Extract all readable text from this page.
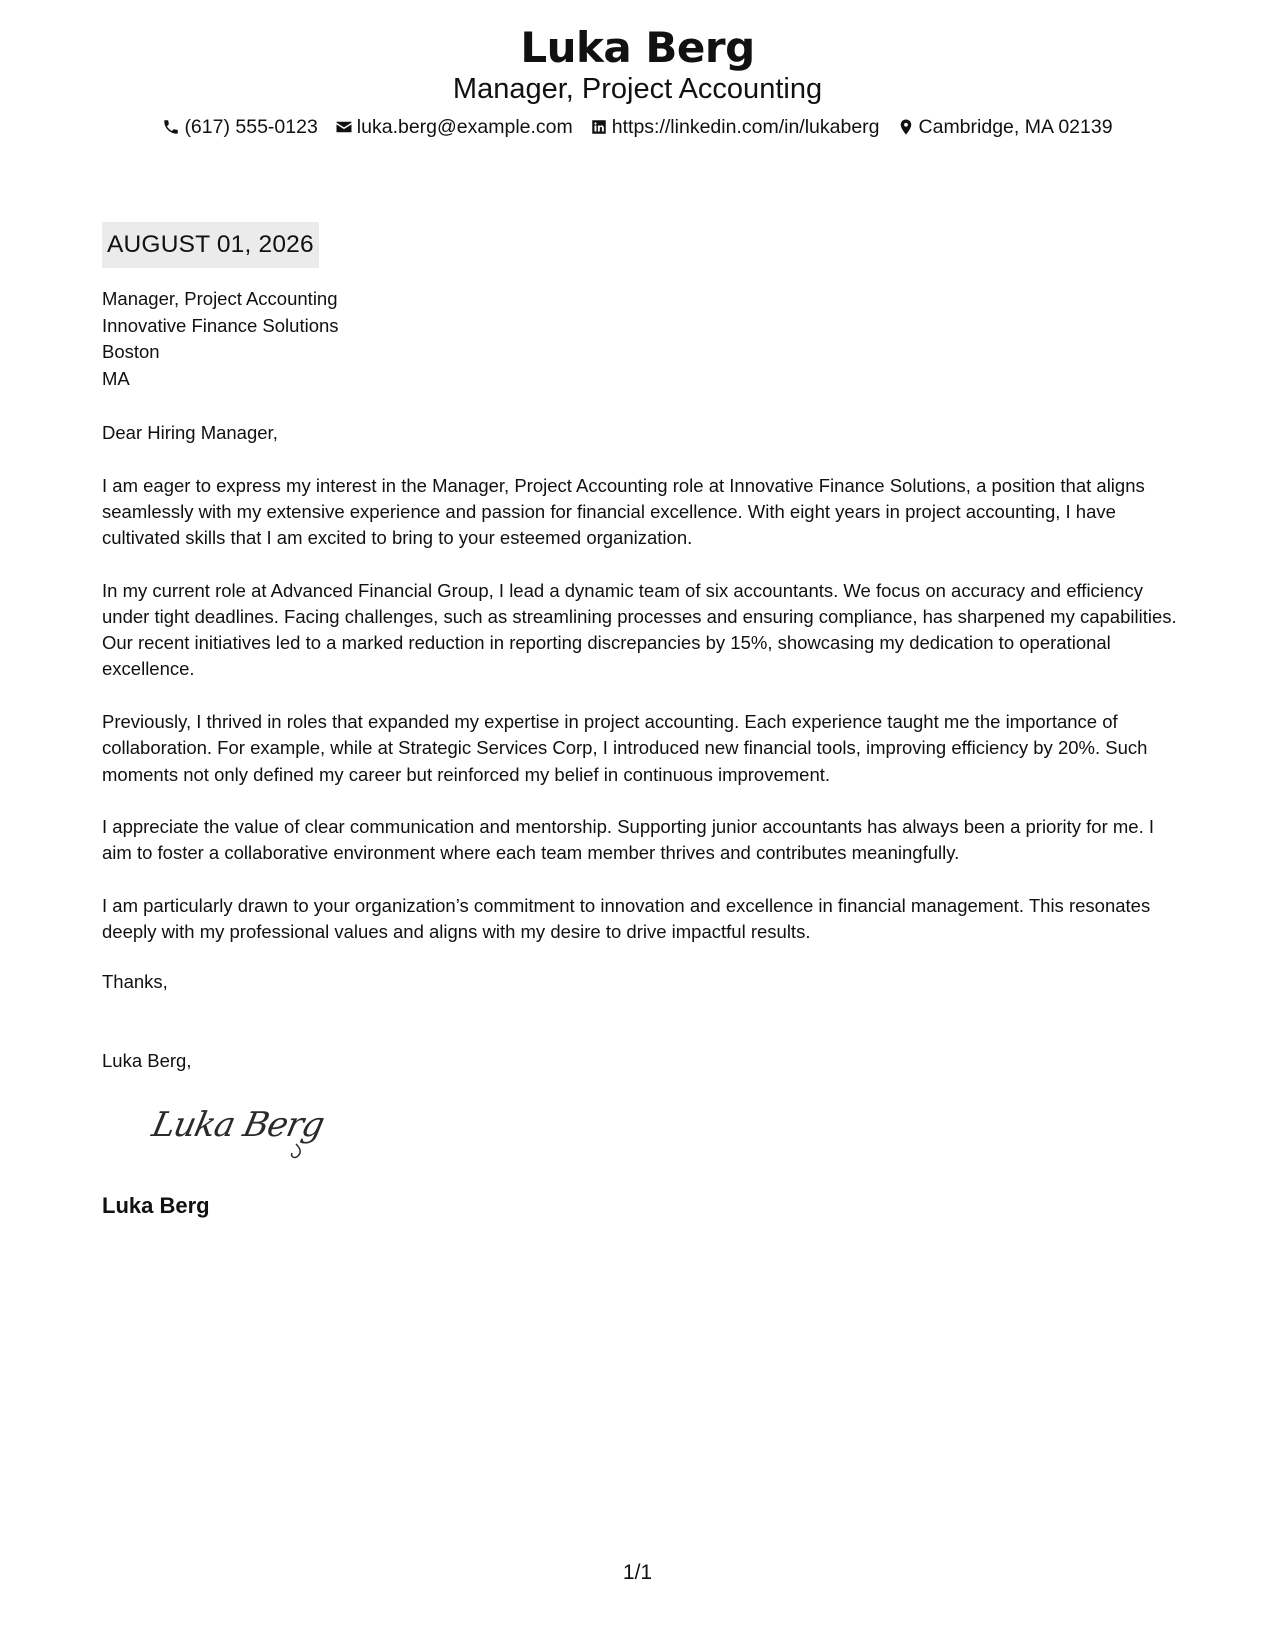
Luka Berg
Manager, Project Accounting
(617) 555-0123 luka.berg@example.com https://linkedin.com/in/lukaberg Cambridge, MA 02139
AUGUST 01, 2026
Manager, Project Accounting
Innovative Finance Solutions
Boston
MA

Dear Hiring Manager,

I am eager to express my interest in the Manager, Project Accounting role at Innovative Finance Solutions, a position that aligns seamlessly with my extensive experience and passion for financial excellence. With eight years in project accounting, I have cultivated skills that I am excited to bring to your esteemed organization.

In my current role at Advanced Financial Group, I lead a dynamic team of six accountants. We focus on accuracy and efficiency under tight deadlines. Facing challenges, such as streamlining processes and ensuring compliance, has sharpened my capabilities. Our recent initiatives led to a marked reduction in reporting discrepancies by 15%, showcasing my dedication to operational excellence.

Previously, I thrived in roles that expanded my expertise in project accounting. Each experience taught me the importance of collaboration. For example, while at Strategic Services Corp, I introduced new financial tools, improving efficiency by 20%. Such moments not only defined my career but reinforced my belief in continuous improvement.

I appreciate the value of clear communication and mentorship. Supporting junior accountants has always been a priority for me. I aim to foster a collaborative environment where each team member thrives and contributes meaningfully.

I am particularly drawn to your organization’s commitment to innovation and excellence in financial management. This resonates deeply with my professional values and aligns with my desire to drive impactful results.

Thanks,
Luka Berg,
Luka Berg
Luka Berg
1/1
